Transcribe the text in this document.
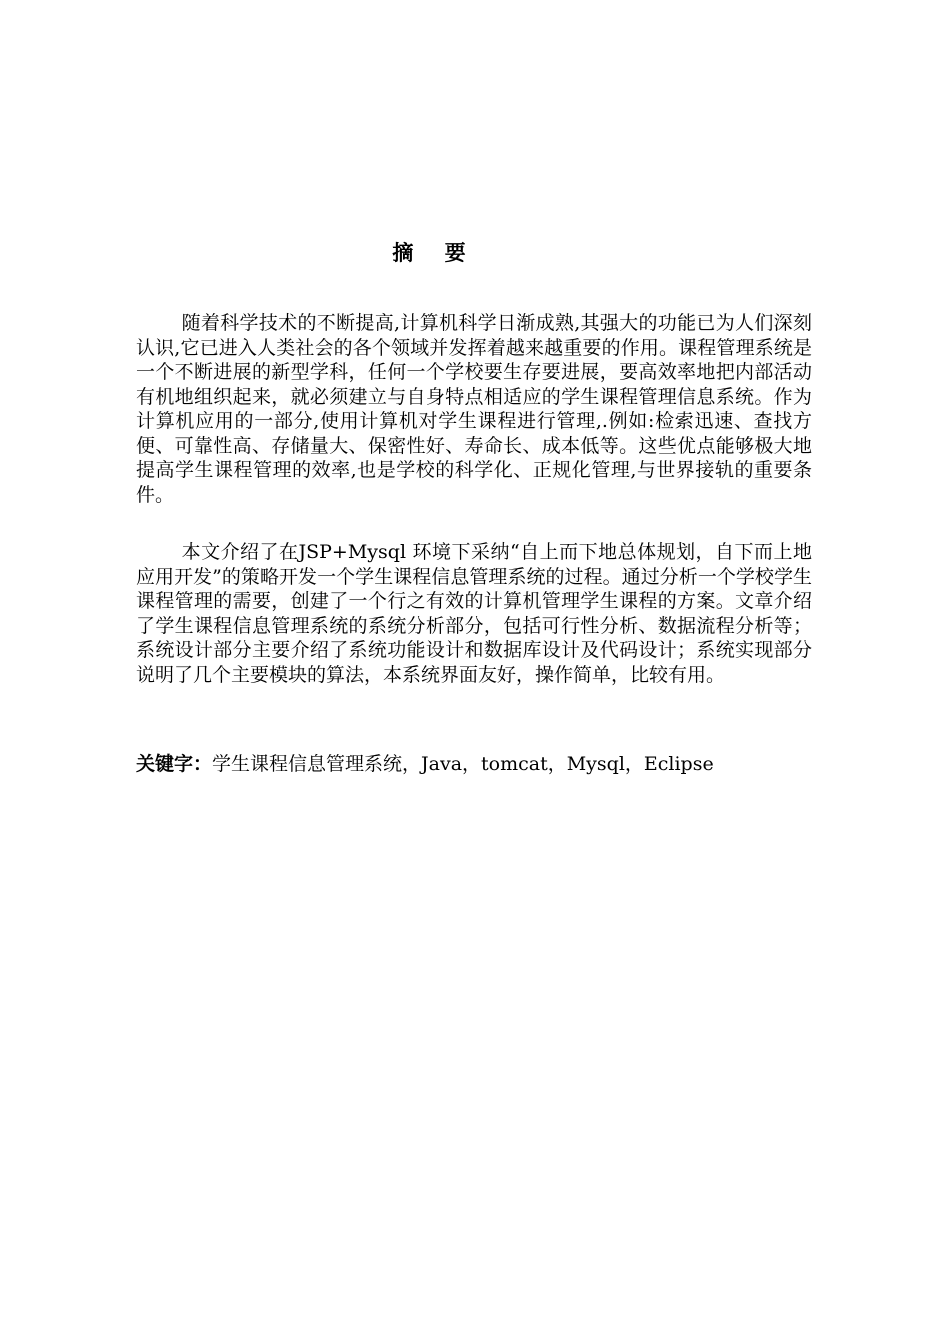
摘 要

随着科学技术的不断提高,计算机科学日渐成熟,其强大的功能已为人们深刻认识,它已进入人类社会的各个领域并发挥着越来越重要的作用。课程管理系统是一个不断进展的新型学科，任何一个学校要生存要进展，要高效率地把内部活动有机地组织起来，就必须建立与自身特点相适应的学生课程管理信息系统。作为计算机应用的一部分,使用计算机对学生课程进行管理,.例如:检索迅速、查找方便、可靠性高、存储量大、保密性好、寿命长、成本低等。这些优点能够极大地提高学生课程管理的效率,也是学校的科学化、正规化管理,与世界接轨的重要条件。

本文介绍了在JSP+Mysql 环境下采纳“自上而下地总体规划，自下而上地应用开发”的策略开发一个学生课程信息管理系统的过程。通过分析一个学校学生课程管理的需要，创建了一个行之有效的计算机管理学生课程的方案。文章介绍了学生课程信息管理系统的系统分析部分，包括可行性分析、数据流程分析等；系统设计部分主要介绍了系统功能设计和数据库设计及代码设计；系统实现部分说明了几个主要模块的算法，本系统界面友好，操作简单，比较有用。

关键字：学生课程信息管理系统，Java，tomcat，Mysql，Eclipse
